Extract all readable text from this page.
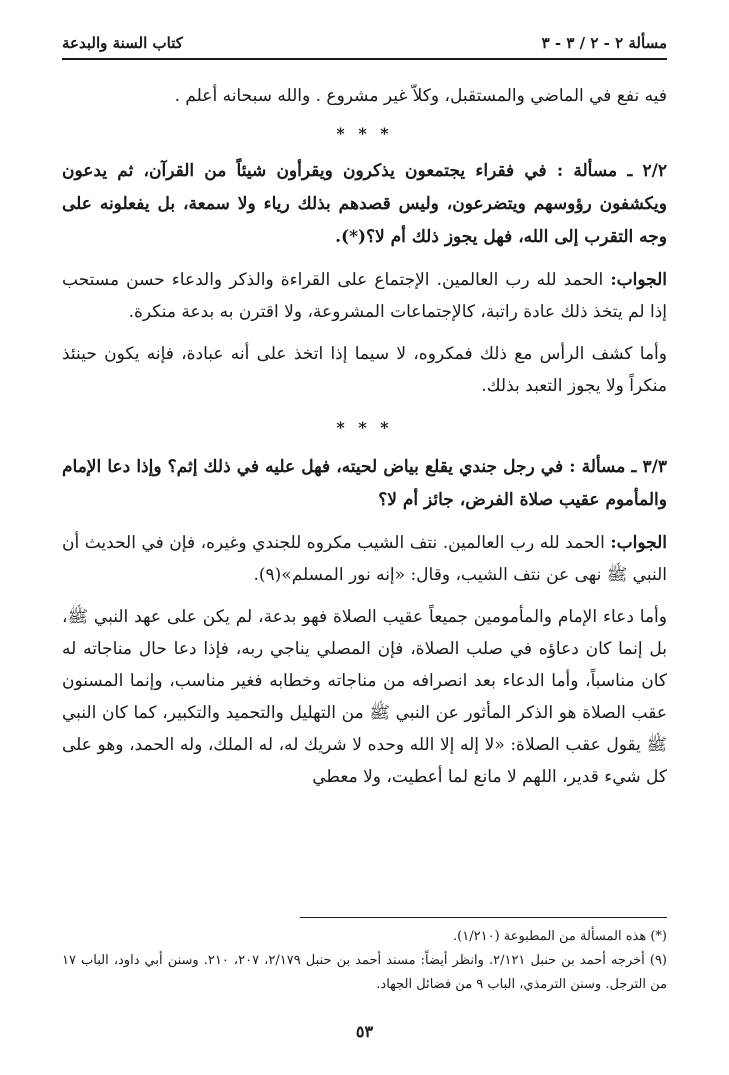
مسألة ٢ - ٢ / ٣ - ٣
كتاب السنة والبدعة

فيه نفع في الماضي والمستقبل، وكلاّ غير مشروع . والله سبحانه أعلم .

* * *

٢/٢ ـ مسألة : في فقراء يجتمعون يذكرون ويقرأون شيئاً من القرآن، ثم يدعون ويكشفون رؤوسهم ويتضرعون، وليس قصدهم بذلك رياء ولا سمعة، بل يفعلونه على وجه التقرب إلى الله، فهل يجوز ذلك أم لا؟(*).

الجواب: الحمد لله رب العالمين. الإجتماع على القراءة والذكر والدعاء حسن مستحب إذا لم يتخذ ذلك عادة راتبة، كالإجتماعات المشروعة، ولا اقترن به بدعة منكرة.

وأما كشف الرأس مع ذلك فمكروه، لا سيما إذا اتخذ على أنه عبادة، فإنه يكون حينئذ منكراً ولا يجوز التعبد بذلك.

* * *

٣/٣ ـ مسألة : في رجل جندي يقلع بياض لحيته، فهل عليه في ذلك إثم؟ وإذا دعا الإمام والمأموم عقيب صلاة الفرض، جائز أم لا؟

الجواب: الحمد لله رب العالمين. نتف الشيب مكروه للجندي وغيره، فإن في الحديث أن النبي ﷺ نهى عن نتف الشيب، وقال: «إنه نور المسلم»(٩).

وأما دعاء الإمام والمأمومين جميعاً عقيب الصلاة فهو بدعة، لم يكن على عهد النبي ﷺ، بل إنما كان دعاؤه في صلب الصلاة، فإن المصلي يناجي ربه، فإذا دعا حال مناجاته له كان مناسباً، وأما الدعاء بعد انصرافه من مناجاته وخطابه فغير مناسب، وإنما المسنون عقب الصلاة هو الذكر المأثور عن النبي ﷺ من التهليل والتحميد والتكبير، كما كان النبي ﷺ يقول عقب الصلاة: «لا إله إلا الله وحده لا شريك له، له الملك، وله الحمد، وهو على كل شيء قدير، اللهم لا مانع لما أعطيت، ولا معطي

(*) هذه المسألة من المطبوعة (١/٢١٠).

(٩) أخرجه أحمد بن حنبل ٢/١٢١. وانظر أيضاً: مسند أحمد بن حنبل ٢/١٧٩، ٢٠٧، ٢١٠. وسنن أبي داود، الباب ١٧ من الترجل. وسنن الترمذي، الباب ٩ من فضائل الجهاد.

٥٣
